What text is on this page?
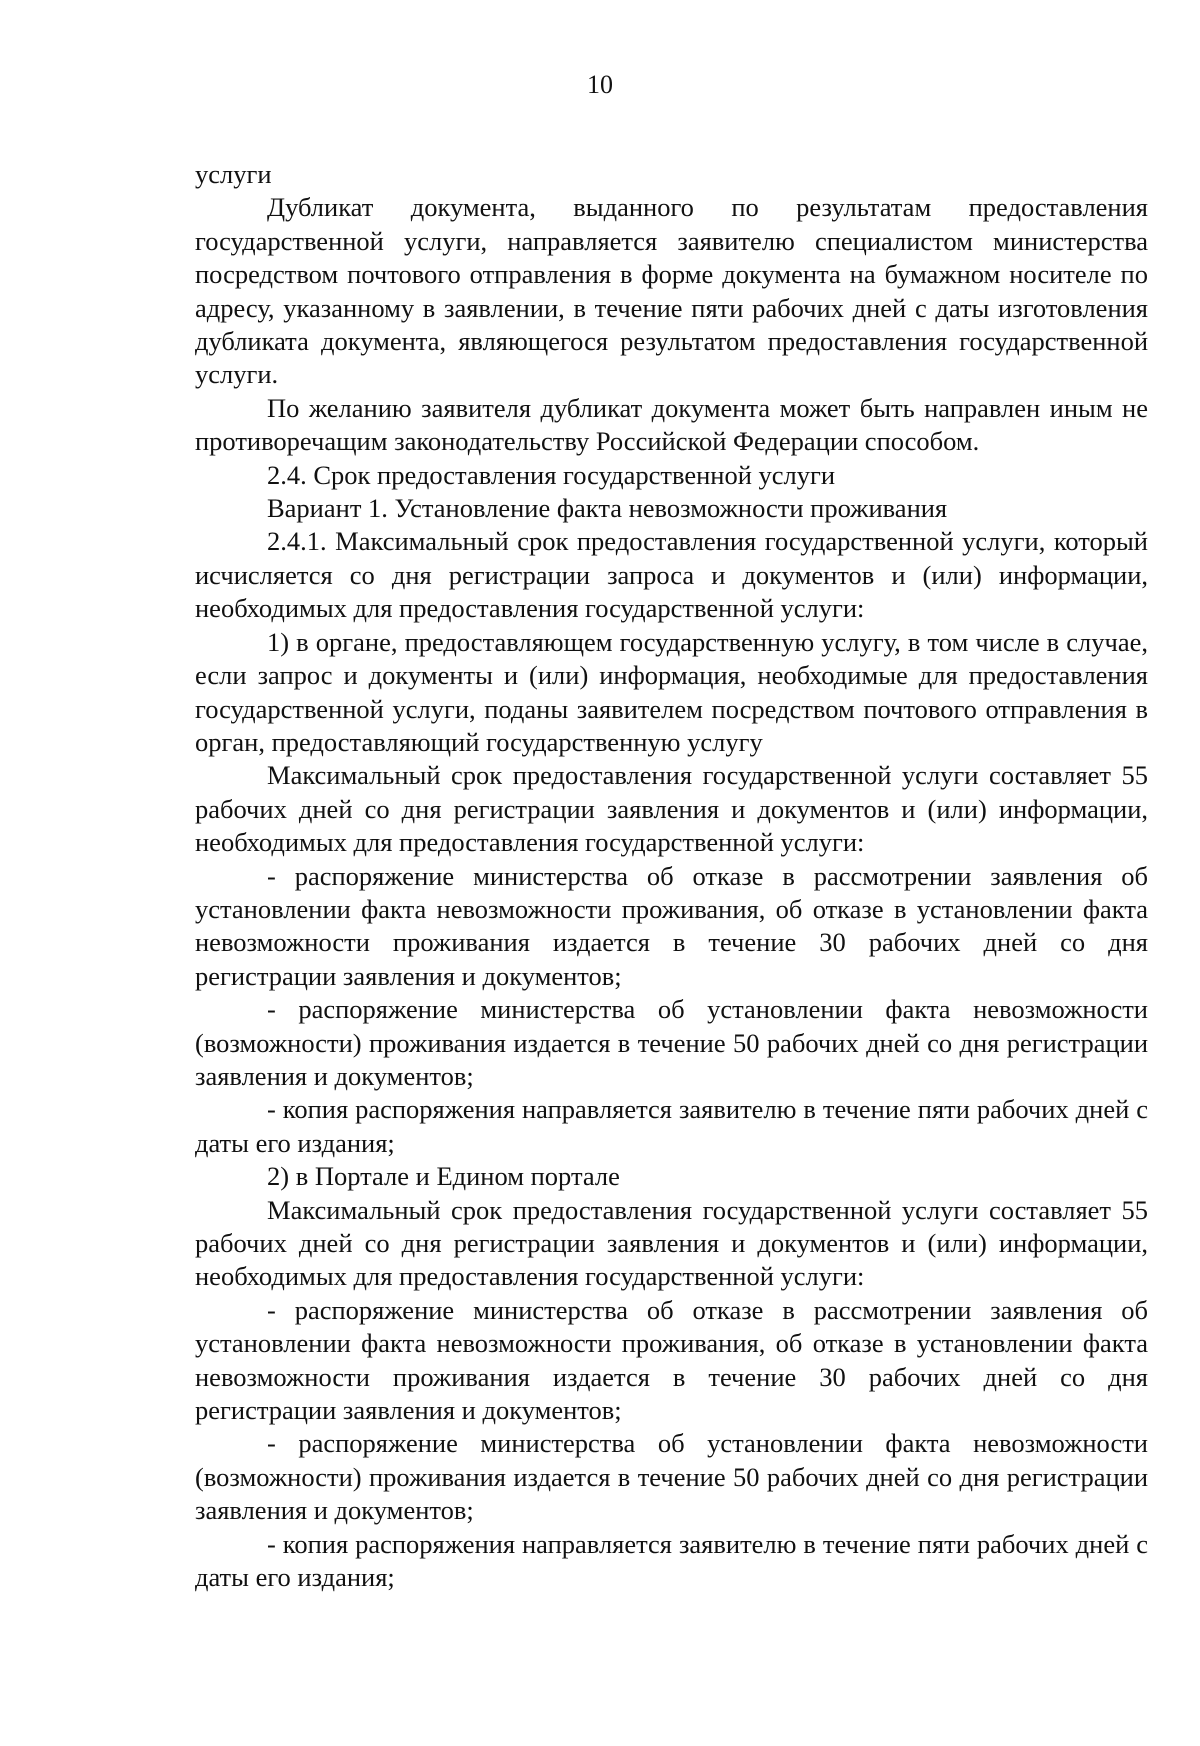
10

услуги

Дубликат документа, выданного по результатам предоставления государственной услуги, направляется заявителю специалистом министерства посредством почтового отправления в форме документа на бумажном носителе по адресу, указанному в заявлении, в течение пяти рабочих дней с даты изготовления дубликата документа, являющегося результатом предоставления государственной услуги.

По желанию заявителя дубликат документа может быть направлен иным не противоречащим законодательству Российской Федерации способом.

2.4. Срок предоставления государственной услуги

Вариант 1. Установление факта невозможности проживания

2.4.1. Максимальный срок предоставления государственной услуги, который исчисляется со дня регистрации запроса и документов и (или) информации, необходимых для предоставления государственной услуги:

1) в органе, предоставляющем государственную услугу, в том числе в случае, если запрос и документы и (или) информация, необходимые для предоставления государственной услуги, поданы заявителем посредством почтового отправления в орган, предоставляющий государственную услугу

Максимальный срок предоставления государственной услуги составляет 55 рабочих дней со дня регистрации заявления и документов и (или) информации, необходимых для предоставления государственной услуги:

- распоряжение министерства об отказе в рассмотрении заявления об установлении факта невозможности проживания, об отказе в установлении факта невозможности проживания издается в течение 30 рабочих дней со дня регистрации заявления и документов;

- распоряжение министерства об установлении факта невозможности (возможности) проживания издается в течение 50 рабочих дней со дня регистрации заявления и документов;

- копия распоряжения направляется заявителю в течение пяти рабочих дней с даты его издания;

2) в Портале и Едином портале

Максимальный срок предоставления государственной услуги составляет 55 рабочих дней со дня регистрации заявления и документов и (или) информации, необходимых для предоставления государственной услуги:

- распоряжение министерства об отказе в рассмотрении заявления об установлении факта невозможности проживания, об отказе в установлении факта невозможности проживания издается в течение 30 рабочих дней со дня регистрации заявления и документов;

- распоряжение министерства об установлении факта невозможности (возможности) проживания издается в течение 50 рабочих дней со дня регистрации заявления и документов;

- копия распоряжения направляется заявителю в течение пяти рабочих дней с даты его издания;
